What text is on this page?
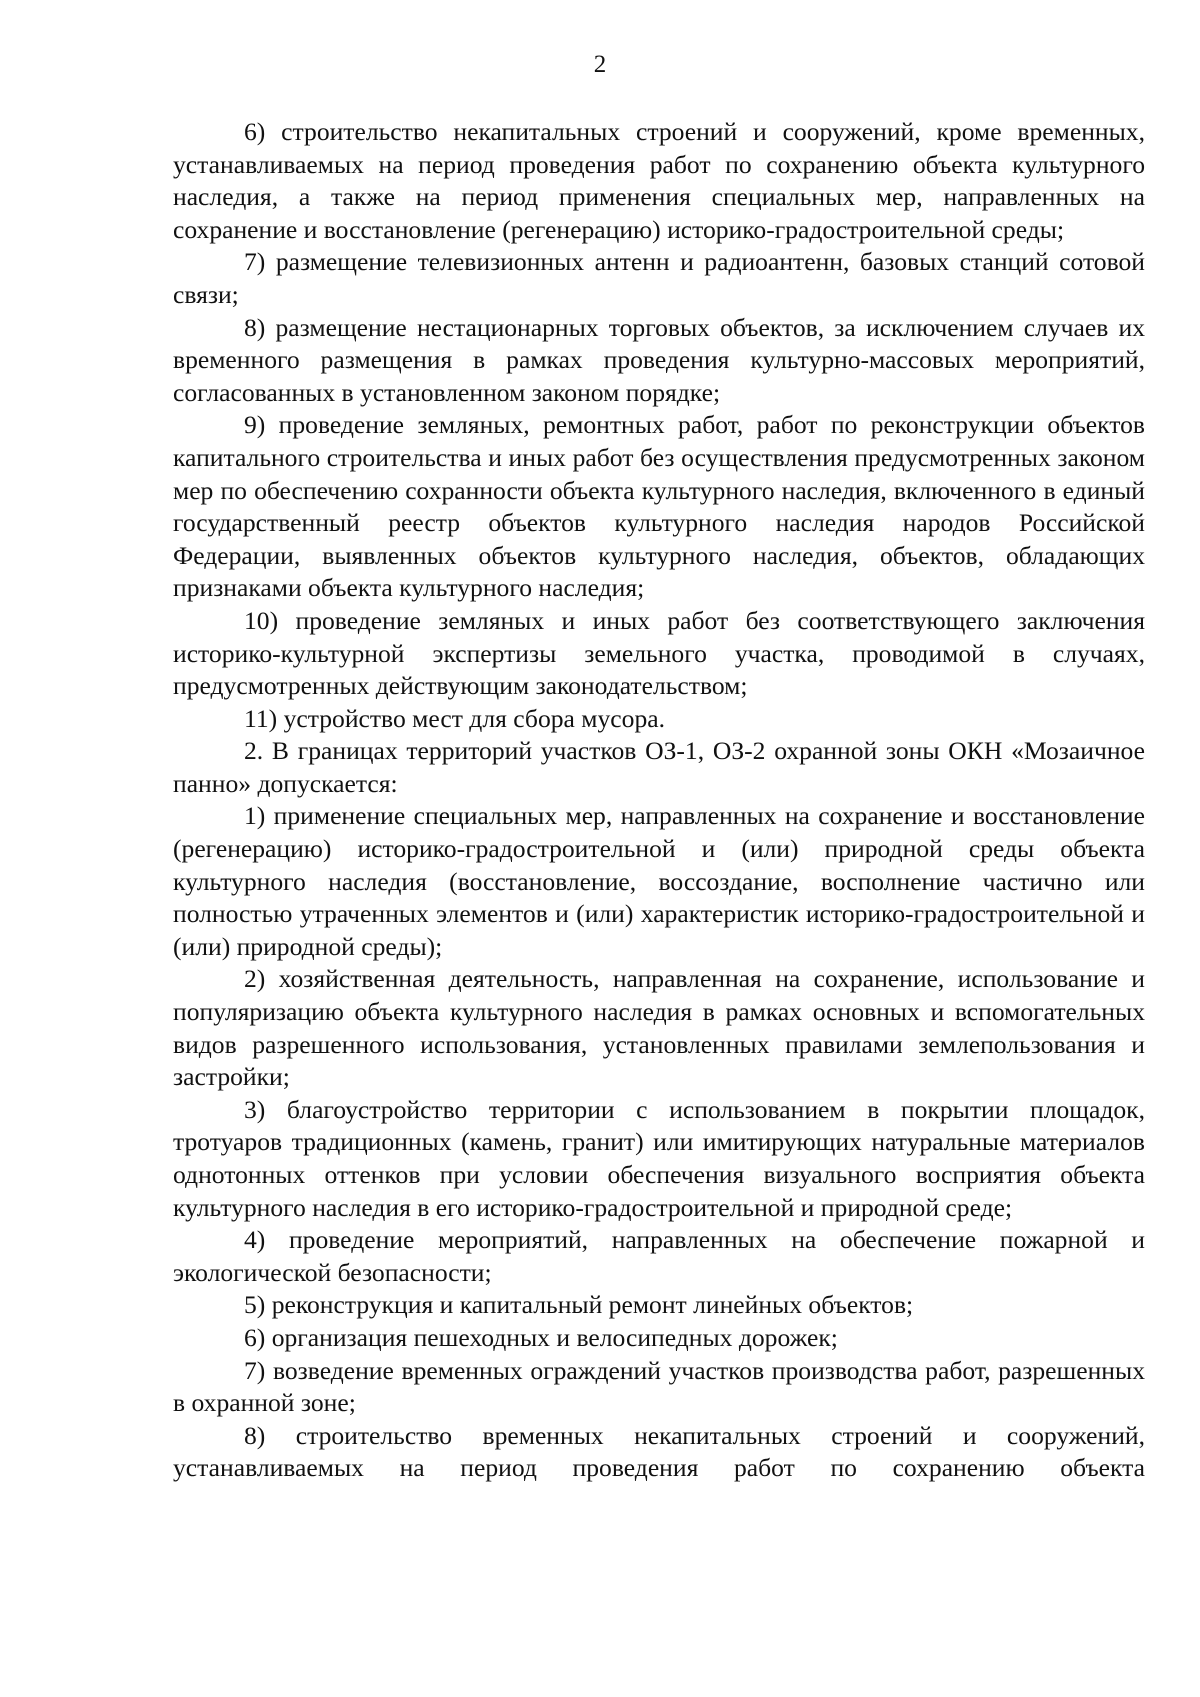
2

6) строительство некапитальных строений и сооружений, кроме временных, устанавливаемых на период проведения работ по сохранению объекта культурного наследия, а также на период применения специальных мер, направленных на сохранение и восстановление (регенерацию) историко-градостроительной среды;

7) размещение телевизионных антенн и радиоантенн, базовых станций сотовой связи;

8) размещение нестационарных торговых объектов, за исключением случаев их временного размещения в рамках проведения культурно-массовых мероприятий, согласованных в установленном законом порядке;

9) проведение земляных, ремонтных работ, работ по реконструкции объектов капитального строительства и иных работ без осуществления предусмотренных законом мер по обеспечению сохранности объекта культурного наследия, включенного в единый государственный реестр объектов культурного наследия народов Российской Федерации, выявленных объектов культурного наследия, объектов, обладающих признаками объекта культурного наследия;

10) проведение земляных и иных работ без соответствующего заключения историко-культурной экспертизы земельного участка, проводимой в случаях, предусмотренных действующим законодательством;

11) устройство мест для сбора мусора.

2. В границах территорий участков ОЗ-1, ОЗ-2 охранной зоны ОКН «Мозаичное панно» допускается:

1) применение специальных мер, направленных на сохранение и восстановление (регенерацию) историко-градостроительной и (или) природной среды объекта культурного наследия (восстановление, воссоздание, восполнение частично или полностью утраченных элементов и (или) характеристик историко-градостроительной и (или) природной среды);

2) хозяйственная деятельность, направленная на сохранение, использование и популяризацию объекта культурного наследия в рамках основных и вспомогательных видов разрешенного использования, установленных правилами землепользования и застройки;

3) благоустройство территории с использованием в покрытии площадок, тротуаров традиционных (камень, гранит) или имитирующих натуральные материалов однотонных оттенков при условии обеспечения визуального восприятия объекта культурного наследия в его историко-градостроительной и природной среде;

4) проведение мероприятий, направленных на обеспечение пожарной и экологической безопасности;

5) реконструкция и капитальный ремонт линейных объектов;

6) организация пешеходных и велосипедных дорожек;

7) возведение временных ограждений участков производства работ, разрешенных в охранной зоне;

8) строительство временных некапитальных строений и сооружений, устанавливаемых на период проведения работ по сохранению объекта
